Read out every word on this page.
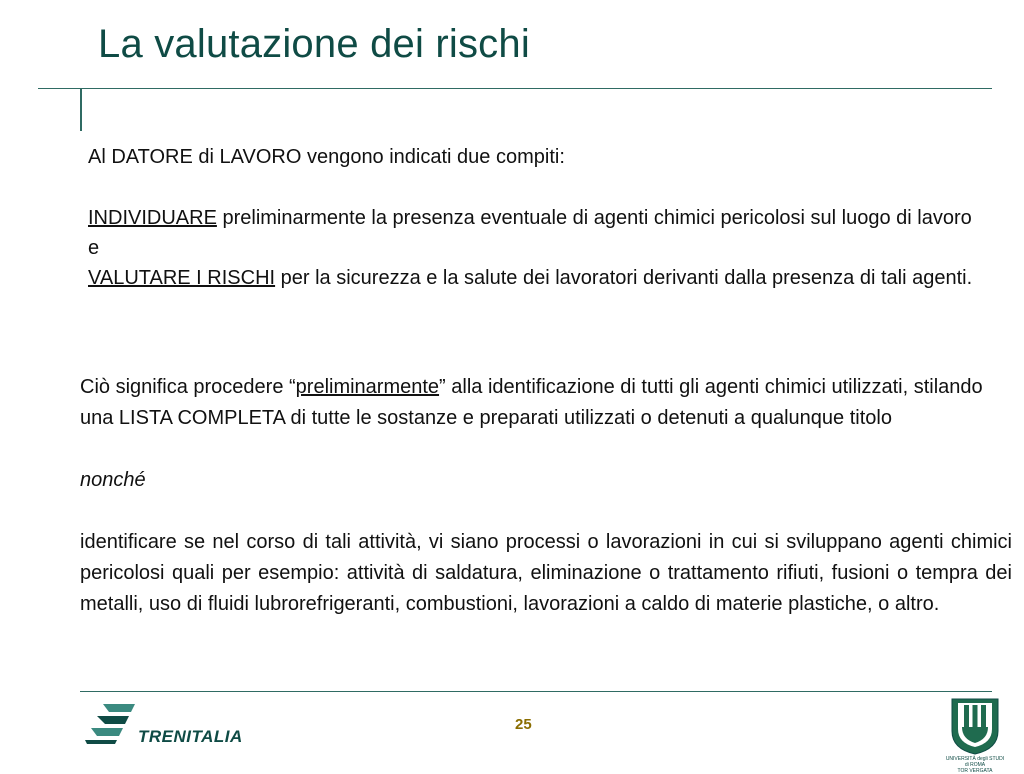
La valutazione dei rischi

Al DATORE di LAVORO vengono indicati due compiti:

INDIVIDUARE preliminarmente la presenza eventuale di agenti chimici pericolosi sul luogo di lavoro

e

VALUTARE I RISCHI per la sicurezza e la salute dei lavoratori derivanti dalla presenza di tali agenti.

Ciò significa procedere “preliminarmente” alla identificazione di tutti gli agenti chimici utilizzati, stilando una LISTA COMPLETA di tutte le sostanze e preparati utilizzati o detenuti a qualunque titolo

nonché

identificare se nel corso di tali attività, vi siano processi o lavorazioni in cui si sviluppano agenti chimici pericolosi quali per esempio: attività di saldatura, eliminazione o trattamento rifiuti, fusioni o tempra dei metalli, uso di fluidi lubrorefrigeranti, combustioni, lavorazioni a caldo di materie plastiche, o altro.

TRENITALIA
25
UNIVERSITÀ degli STUDI di ROMA
TOR VERGATA
